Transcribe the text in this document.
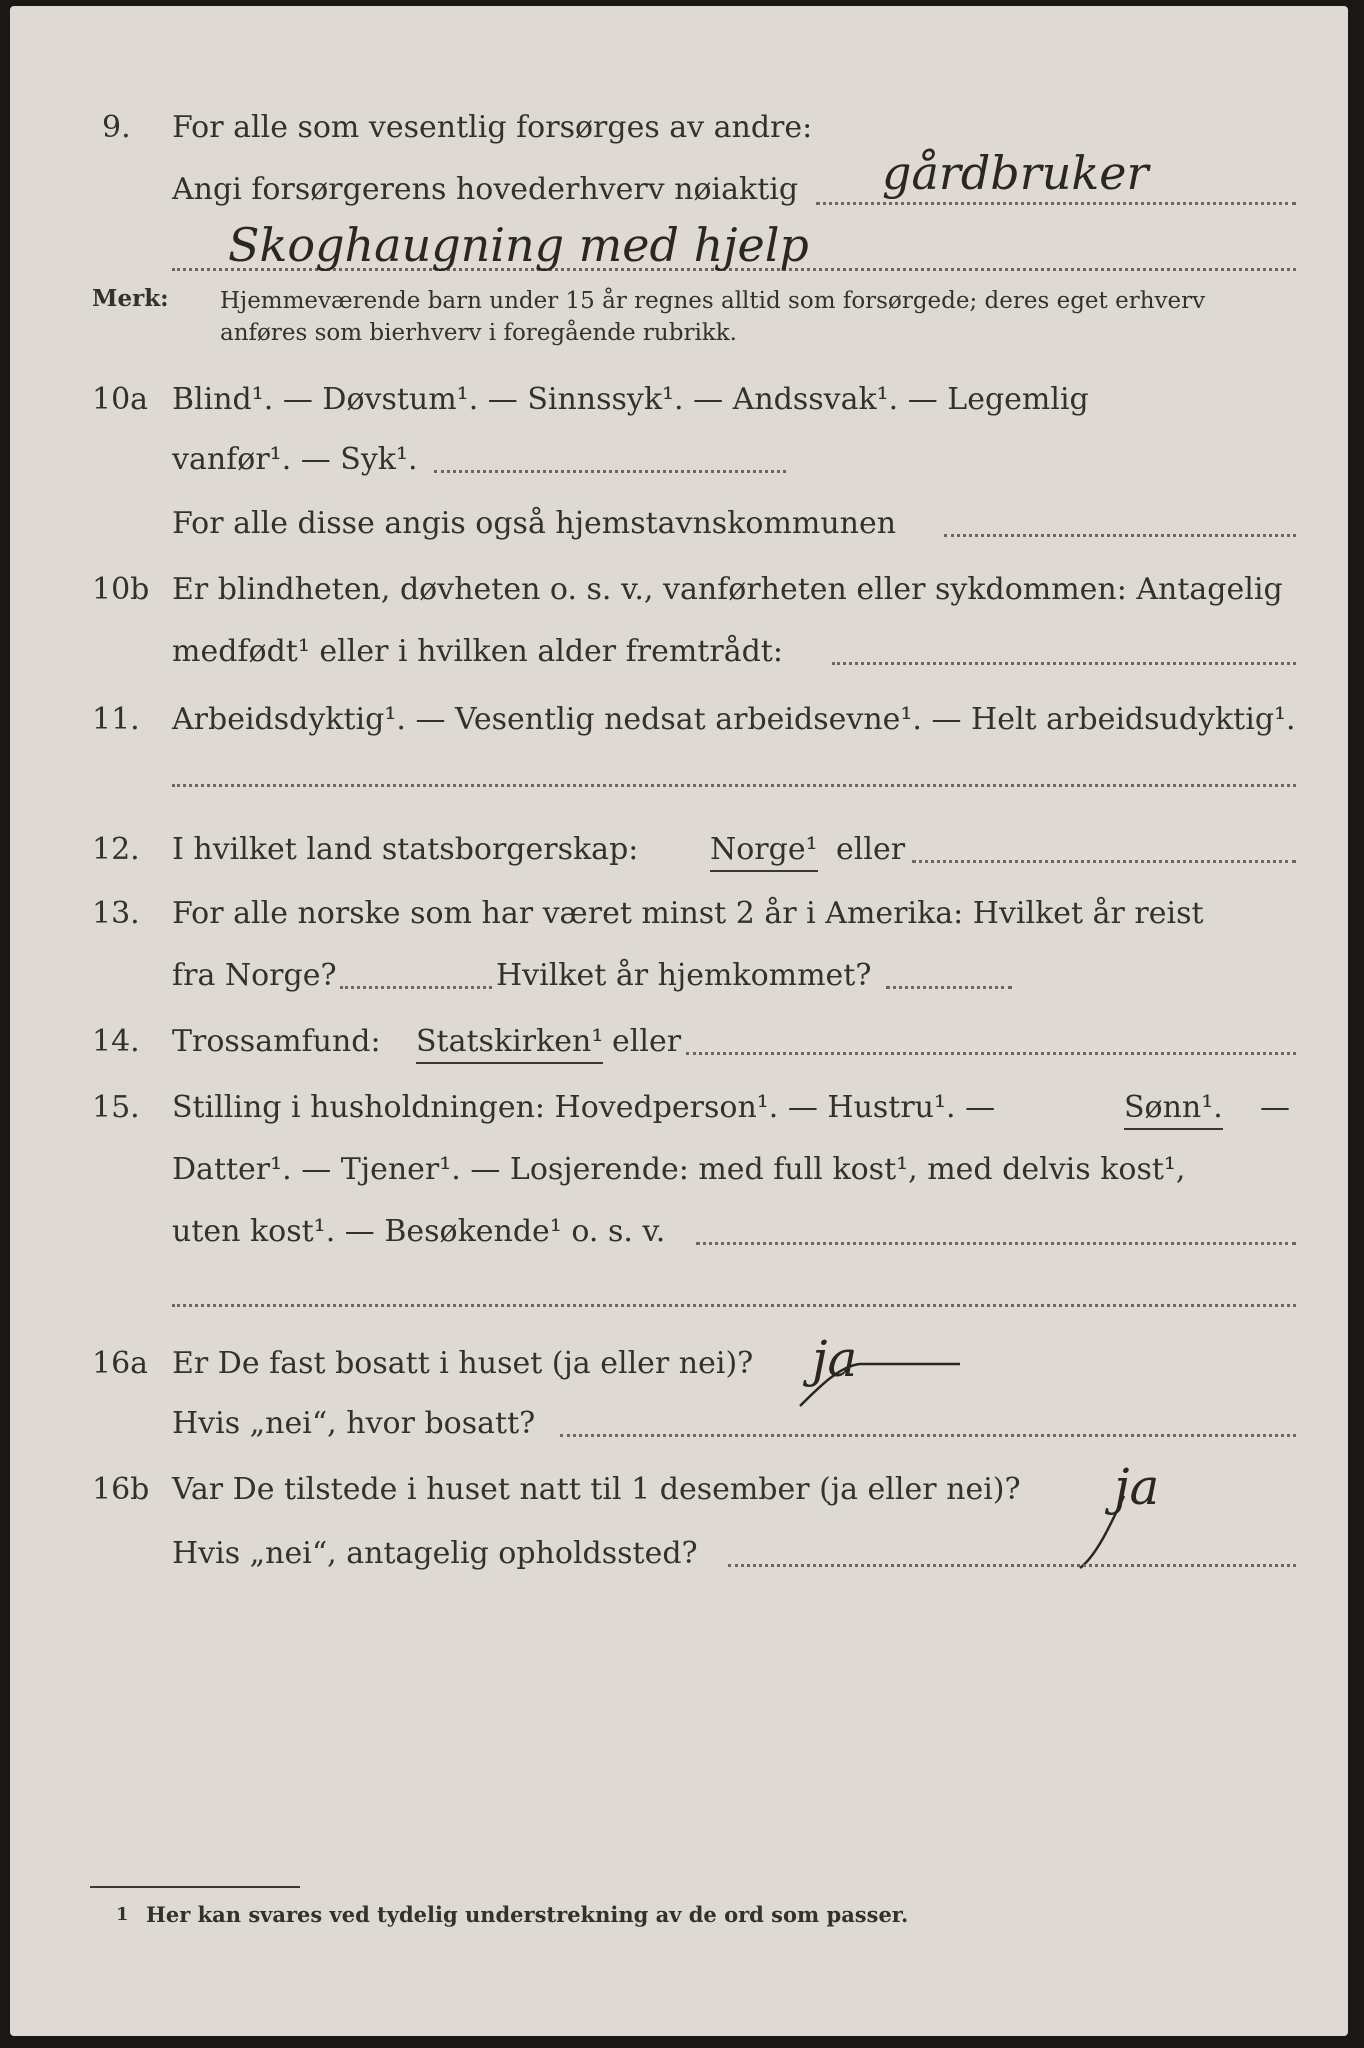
9. For alle som vesentlig forsørges av andre:
Angi forsørgerens hovederhverv nøiaktig gårdbruker
Skoghaugning med hjelp
Merk: Hjemmeværende barn under 15 år regnes alltid som forsørgede; deres eget erhverv
anføres som bierhverv i foregående rubrikk.
10a Blind¹. — Døvstum¹. — Sinnssyk¹. — Andssvak¹. — Legemlig
vanfør¹. — Syk¹.
For alle disse angis også hjemstavnskommunen
10b Er blindheten, døvheten o. s. v., vanførheten eller sykdommen: Antagelig
medfødt¹ eller i hvilken alder fremtrådt:
11. Arbeidsdyktig¹. — Vesentlig nedsat arbeidsevne¹. — Helt arbeidsudyktig¹.
12. I hvilket land statsborgerskap: Norge¹ eller
13. For alle norske som har været minst 2 år i Amerika: Hvilket år reist
fra Norge?	Hvilket år hjemkommet?
14. Trossamfund: Statskirken¹ eller
15. Stilling i husholdningen: Hovedperson¹. — Hustru¹. —	Sønn¹. —
Datter¹. — Tjener¹. — Losjerende: med full kost¹, med delvis kost¹,
uten kost¹. — Besøkende¹ o. s. v.
16a Er De fast bosatt i huset (ja eller nei)? ja
Hvis „nei“, hvor bosatt?
16b Var De tilstede i huset natt til 1 desember (ja eller nei)? ja
Hvis „nei“, antagelig opholdssted?
1 Her kan svares ved tydelig understrekning av de ord som passer.
